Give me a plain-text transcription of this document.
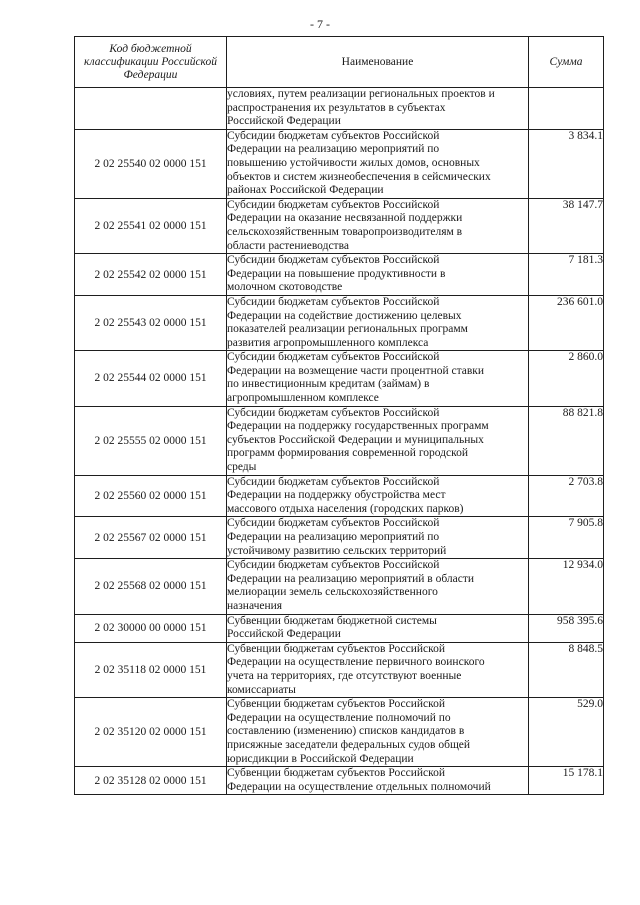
- 7 -
Код бюджетной
классификации Российской
Федерации	Наименование	Сумма

	условиях, путем реализации региональных проектов и
распространения их результатов в субъектах
Российской Федерации	

2 02 25540 02 0000 151	Субсидии бюджетам субъектов Российской
Федерации на реализацию мероприятий по
повышению устойчивости жилых домов, основных
объектов и систем жизнеобеспечения в сейсмических
районах Российской Федерации	3 834.1
2 02 25541 02 0000 151	Субсидии бюджетам субъектов Российской
Федерации на оказание несвязанной поддержки
сельскохозяйственным товаропроизводителям в
области растениеводства	38 147.7
2 02 25542 02 0000 151	Субсидии бюджетам субъектов Российской
Федерации на повышение продуктивности в
молочном скотоводстве	7 181.3
2 02 25543 02 0000 151	Субсидии бюджетам субъектов Российской
Федерации на содействие достижению целевых
показателей реализации региональных программ
развития агропромышленного комплекса	236 601.0
2 02 25544 02 0000 151	Субсидии бюджетам субъектов Российской
Федерации на возмещение части процентной ставки
по инвестиционным кредитам (займам) в
агропромышленном комплексе	2 860.0
2 02 25555 02 0000 151	Субсидии бюджетам субъектов Российской
Федерации на поддержку государственных программ
субъектов Российской Федерации и муниципальных
программ формирования современной городской
среды	88 821.8
2 02 25560 02 0000 151	Субсидии бюджетам субъектов Российской
Федерации на поддержку обустройства мест
массового отдыха населения (городских парков)	2 703.8
2 02 25567 02 0000 151	Субсидии бюджетам субъектов Российской
Федерации на реализацию мероприятий по
устойчивому развитию сельских территорий	7 905.8
2 02 25568 02 0000 151	Субсидии бюджетам субъектов Российской
Федерации на реализацию мероприятий в области
мелиорации земель сельскохозяйственного
назначения	12 934.0
2 02 30000 00 0000 151	Субвенции бюджетам бюджетной системы
Российской Федерации	958 395.6
2 02 35118 02 0000 151	Субвенции бюджетам субъектов Российской
Федерации на осуществление первичного воинского
учета на территориях, где отсутствуют военные
комиссариаты	8 848.5
2 02 35120 02 0000 151	Субвенции бюджетам субъектов Российской
Федерации на осуществление полномочий по
составлению (изменению) списков кандидатов в
присяжные заседатели федеральных судов общей
юрисдикции в Российской Федерации	529.0
2 02 35128 02 0000 151	Субвенции бюджетам субъектов Российской
Федерации на осуществление отдельных полномочий	15 178.1
